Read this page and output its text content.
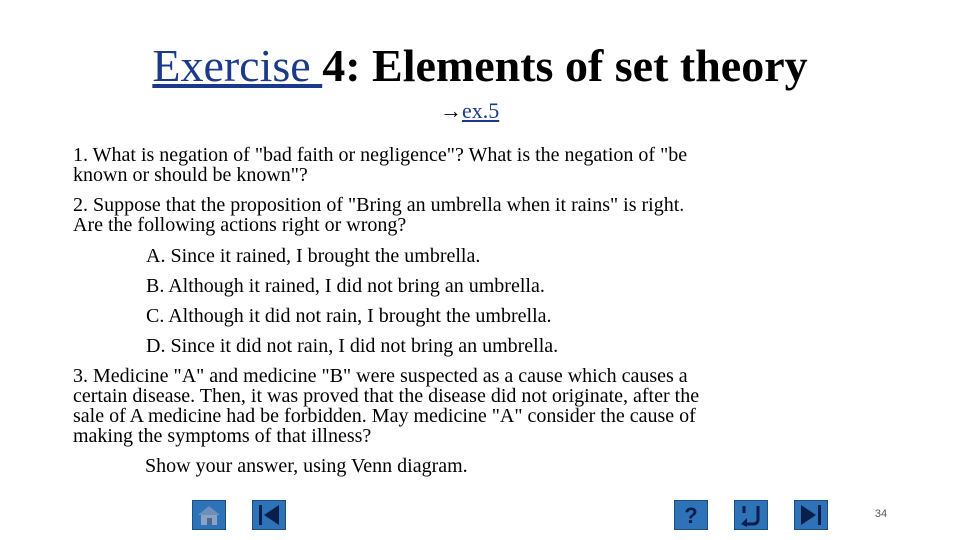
Exercise 4: Elements of set theory
→ex.5

1. What is negation of "bad faith or negligence"? What is the negation of "be

known or should be known"?

2. Suppose that the proposition of "Bring an umbrella when it rains" is right.

Are the following actions right or wrong?

A. Since it rained, I brought the umbrella.

B. Although it rained, I did not bring an umbrella.

C. Although it did not rain, I brought the umbrella.

D. Since it did not rain, I did not bring an umbrella.

3. Medicine "A" and medicine "B" were suspected as a cause which causes a

certain disease. Then, it was proved that the disease did not originate, after the

sale of A medicine had be forbidden. May medicine "A" consider the cause of

making the symptoms of that illness?

Show your answer, using Venn diagram.

?	34
